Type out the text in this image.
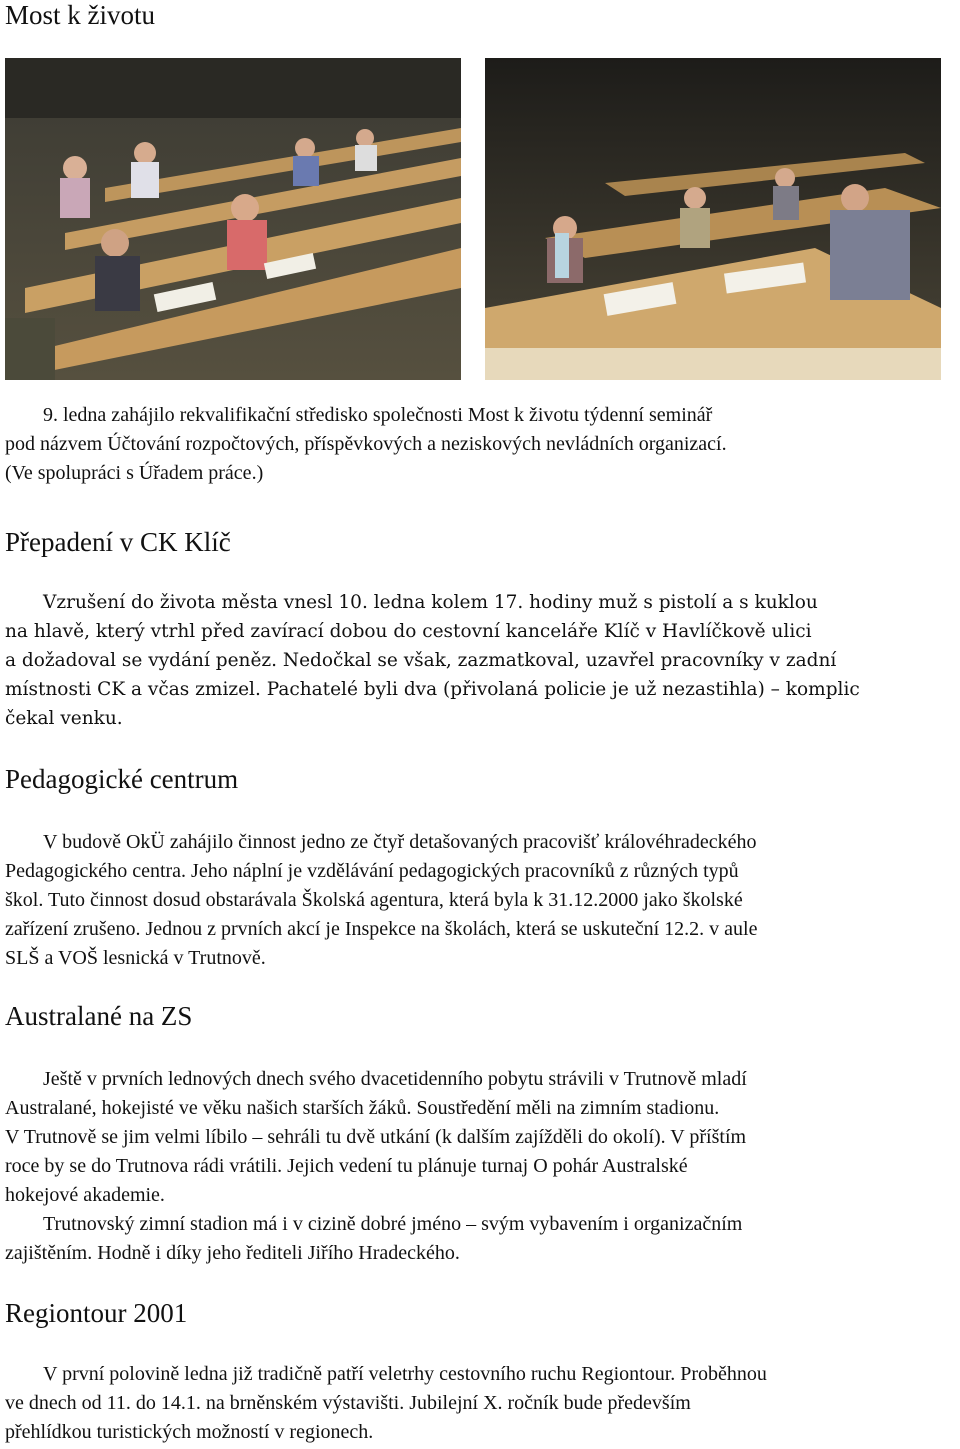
Most k životu

9. ledna zahájilo rekvalifikační středisko společnosti Most k životu týdenní seminář
pod názvem Účtování rozpočtových, příspěvkových a neziskových nevládních organizací.
(Ve spolupráci s Úřadem práce.)

Přepadení v CK Klíč

Vzrušení do života města vnesl 10. ledna kolem 17. hodiny muž s pistolí a s kuklou
na hlavě, který vtrhl před zavírací dobou do cestovní kanceláře Klíč v Havlíčkově ulici
a dožadoval se vydání peněz. Nedočkal se však, zazmatkoval, uzavřel pracovníky v zadní
místnosti CK a včas zmizel. Pachatelé byli dva (přivolaná policie je už nezastihla) – komplic
čekal venku.

Pedagogické centrum

V budově OkÜ zahájilo činnost jedno ze čtyř detašovaných pracovišť královéhradeckého
Pedagogického centra. Jeho náplní je vzdělávání pedagogických pracovníků z různých typů
škol. Tuto činnost dosud obstarávala Školská agentura, která byla k 31.12.2000 jako školské
zařízení zrušeno. Jednou z prvních akcí je Inspekce na školách, která se uskuteční 12.2. v aule
SLŠ a VOŠ lesnická v Trutnově.

Australané na ZS

Ještě v prvních lednových dnech svého dvacetidenního pobytu strávili v Trutnově mladí
Australané, hokejisté ve věku našich starších žáků. Soustředění měli na zimním stadionu.
V Trutnově se jim velmi líbilo – sehráli tu dvě utkání (k dalším zajížděli do okolí). V příštím
roce by se do Trutnova rádi vrátili. Jejich vedení tu plánuje turnaj O pohár Australské
hokejové akademie.
Trutnovský zimní stadion má i v cizině dobré jméno – svým vybavením i organizačním
zajištěním. Hodně i díky jeho řediteli Jiřího Hradeckého.

Regiontour 2001

V první polovině ledna již tradičně patří veletrhy cestovního ruchu Regiontour. Proběhnou
ve dnech od 11. do 14.1. na brněnském výstavišti. Jubilejní X. ročník bude především
přehlídkou turistických možností v regionech.
